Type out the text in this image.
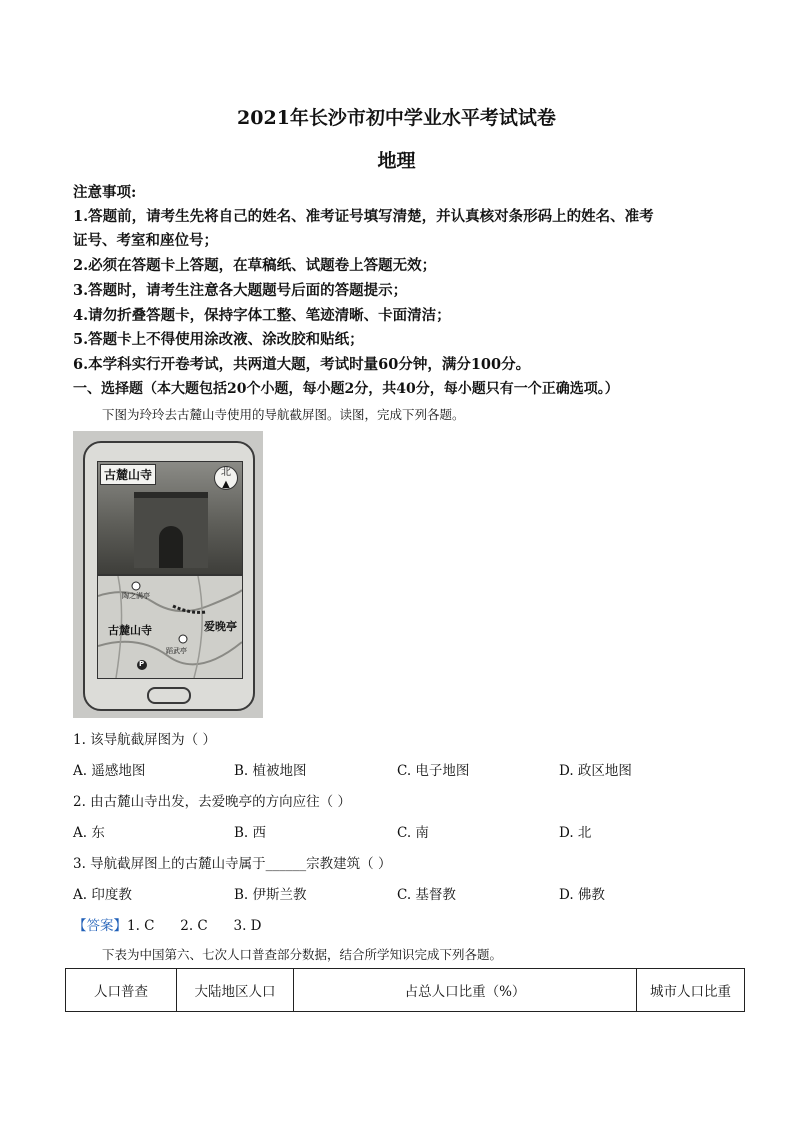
2021年长沙市初中学业水平考试试卷
地理
注意事项:
1.答题前，请考生先将自己的姓名、准考证号填写清楚，并认真核对条形码上的姓名、准考
证号、考室和座位号；
2.必须在答题卡上答题，在草稿纸、试题卷上答题无效；
3.答题时，请考生注意各大题题号后面的答题提示；
4.请勿折叠答题卡，保持字体工整、笔迹清晰、卡面清洁；
5.答题卡上不得使用涂改液、涂改胶和贴纸；
6.本学科实行开卷考试，共两道大题，考试时量60分钟，满分100分。
一、选择题（本大题包括20个小题，每小题2分，共40分，每小题只有一个正确选项。）
下图为玲玲去古麓山寺使用的导航截屏图。读图，完成下列各题。
古麓山寺	北
▲
陶之满亭
古麓山寺	爱晚亭
蹈武亭
P
1. 该导航截屏图为（ ）
A. 遥感地图	B. 植被地图	C. 电子地图	D. 政区地图
2. 由古麓山寺出发，去爱晚亭的方向应往（ ）
A. 东	B. 西	C. 南	D. 北
3. 导航截屏图上的古麓山寺属于______宗教建筑（ ）
A. 印度教	B. 伊斯兰教	C. 基督教	D. 佛教
【答案】1. C      2. C      3. D
下表为中国第六、七次人口普查部分数据，结合所学知识完成下列各题。
人口普查	大陆地区人口	占总人口比重（%）	城市人口比重
